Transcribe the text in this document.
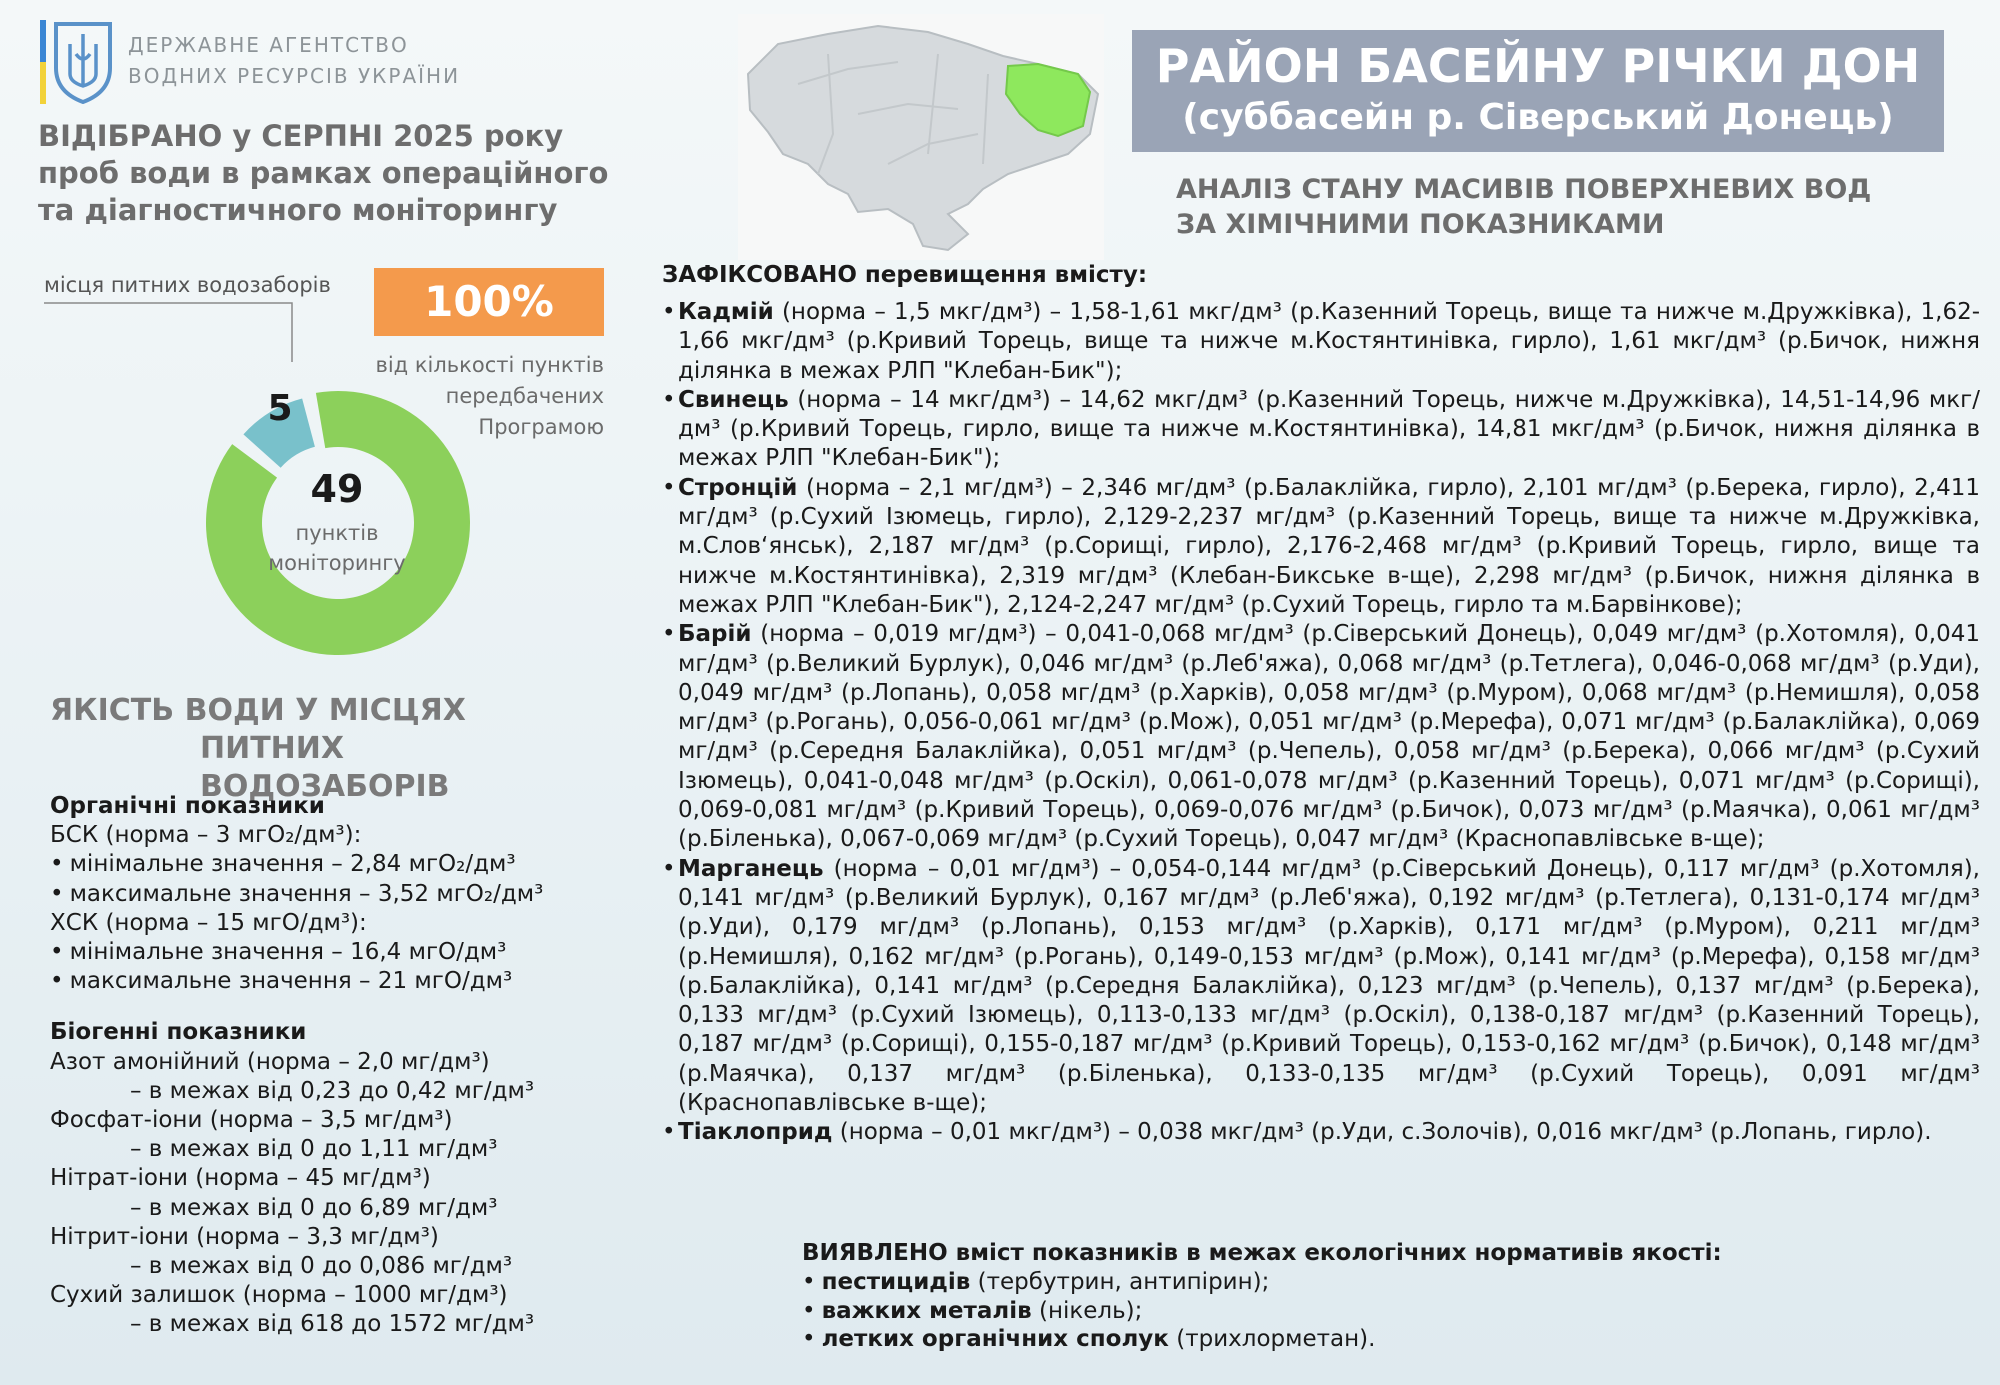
ДЕРЖАВНЕ АГЕНТСТВО
ВОДНИХ РЕСУРСІВ УКРАЇНИ
ВІДІБРАНО у СЕРПНІ 2025 року
проб води в рамках операційного
та діагностичного моніторингу
РАЙОН БАСЕЙНУ РІЧКИ ДОН
(суббасейн р. Сіверський Донець)
АНАЛІЗ СТАНУ МАСИВІВ ПОВЕРХНЕВИХ ВОД
ЗА ХІМІЧНИМИ ПОКАЗНИКАМИ
місця питних водозаборів	100%
від кількості пунктів
передбачених
Програмою
49
пунктів
моніторингу
5
ЯКІСТЬ ВОДИ У МІСЦЯХ
ПИТНИХ ВОДОЗАБОРІВ
Органічні показники
БСК (норма – 3 мгО₂/дм³):
• мінімальне значення – 2,84 мгО₂/дм³
• максимальне значення – 3,52 мгО₂/дм³
ХСК (норма – 15 мгО/дм³):
• мінімальне значення – 16,4 мгО/дм³
• максимальне значення – 21 мгО/дм³
Біогенні показники
Азот амонійний (норма – 2,0 мг/дм³)
– в межах від 0,23 до 0,42 мг/дм³
Фосфат-іони (норма – 3,5 мг/дм³)
– в межах від 0 до 1,11 мг/дм³
Нітрат-іони (норма – 45 мг/дм³)
– в межах від 0 до 6,89 мг/дм³
Нітрит-іони (норма – 3,3 мг/дм³)
– в межах від 0 до 0,086 мг/дм³
Сухий залишок (норма – 1000 мг/дм³)
– в межах від 618 до 1572 мг/дм³
ЗАФІКСОВАНО перевищення вмісту:
• Кадмій (норма – 1,5 мкг/дм³) – 1,58-1,61 мкг/дм³ (р.Казенний Торець, вище та нижче м.Дружківка), 1,62-1,66 мкг/дм³ (р.Кривий Торець, вище та нижче м.Костянтинівка, гирло), 1,61 мкг/дм³ (р.Бичок, нижня ділянка в межах РЛП "Клебан-Бик");
• Свинець (норма – 14 мкг/дм³) – 14,62 мкг/дм³ (р.Казенний Торець, нижче м.Дружківка), 14,51-14,96 мкг/дм³ (р.Кривий Торець, гирло, вище та нижче м.Костянтинівка), 14,81 мкг/дм³ (р.Бичок, нижня ділянка в межах РЛП "Клебан-Бик");
• Стронцій (норма – 2,1 мг/дм³) – 2,346 мг/дм³ (р.Балаклійка, гирло), 2,101 мг/дм³ (р.Берека, гирло), 2,411 мг/дм³ (р.Сухий Ізюмець, гирло), 2,129-2,237 мг/дм³ (р.Казенний Торець, вище та нижче м.Дружківка, м.Слов‘янськ), 2,187 мг/дм³ (р.Сорищі, гирло), 2,176-2,468 мг/дм³ (р.Кривий Торець, гирло, вище та нижче м.Костянтинівка), 2,319 мг/дм³ (Клебан-Бикське в-ще), 2,298 мг/дм³ (р.Бичок, нижня ділянка в межах РЛП "Клебан-Бик"), 2,124-2,247 мг/дм³ (р.Сухий Торець, гирло та м.Барвінкове);
• Барій (норма – 0,019 мг/дм³) – 0,041-0,068 мг/дм³ (р.Сіверський Донець), 0,049 мг/дм³ (р.Хотомля), 0,041 мг/дм³ (р.Великий Бурлук), 0,046 мг/дм³ (р.Леб'яжа), 0,068 мг/дм³ (р.Тетлега), 0,046-0,068 мг/дм³ (р.Уди), 0,049 мг/дм³ (р.Лопань), 0,058 мг/дм³ (р.Харків), 0,058 мг/дм³ (р.Муром), 0,068 мг/дм³ (р.Немишля), 0,058 мг/дм³ (р.Рогань), 0,056-0,061 мг/дм³ (р.Мож), 0,051 мг/дм³ (р.Мерефа), 0,071 мг/дм³ (р.Балаклійка), 0,069 мг/дм³ (р.Середня Балаклійка), 0,051 мг/дм³ (р.Чепель), 0,058 мг/дм³ (р.Берека), 0,066 мг/дм³ (р.Сухий Ізюмець), 0,041-0,048 мг/дм³ (р.Оскіл), 0,061-0,078 мг/дм³ (р.Казенний Торець), 0,071 мг/дм³ (р.Сорищі), 0,069-0,081 мг/дм³ (р.Кривий Торець), 0,069-0,076 мг/дм³ (р.Бичок), 0,073 мг/дм³ (р.Маячка), 0,061 мг/дм³ (р.Біленька), 0,067-0,069 мг/дм³ (р.Сухий Торець), 0,047 мг/дм³ (Краснопавлівське в-ще);
• Марганець (норма – 0,01 мг/дм³) – 0,054-0,144 мг/дм³ (р.Сіверський Донець), 0,117 мг/дм³ (р.Хотомля), 0,141 мг/дм³ (р.Великий Бурлук), 0,167 мг/дм³ (р.Леб'яжа), 0,192 мг/дм³ (р.Тетлега), 0,131-0,174 мг/дм³ (р.Уди), 0,179 мг/дм³ (р.Лопань), 0,153 мг/дм³ (р.Харків), 0,171 мг/дм³ (р.Муром), 0,211 мг/дм³ (р.Немишля), 0,162 мг/дм³ (р.Рогань), 0,149-0,153 мг/дм³ (р.Мож), 0,141 мг/дм³ (р.Мерефа), 0,158 мг/дм³ (р.Балаклійка), 0,141 мг/дм³ (р.Середня Балаклійка), 0,123 мг/дм³ (р.Чепель), 0,137 мг/дм³ (р.Берека), 0,133 мг/дм³ (р.Сухий Ізюмець), 0,113-0,133 мг/дм³ (р.Оскіл), 0,138-0,187 мг/дм³ (р.Казенний Торець), 0,187 мг/дм³ (р.Сорищі), 0,155-0,187 мг/дм³ (р.Кривий Торець), 0,153-0,162 мг/дм³ (р.Бичок), 0,148 мг/дм³ (р.Маячка), 0,137 мг/дм³ (р.Біленька), 0,133-0,135 мг/дм³ (р.Сухий Торець), 0,091 мг/дм³ (Краснопавлівське в-ще);
• Тіаклоприд (норма – 0,01 мкг/дм³) – 0,038 мкг/дм³ (р.Уди, с.Золочів), 0,016 мкг/дм³ (р.Лопань, гирло).
ВИЯВЛЕНО вміст показників в межах екологічних нормативів якості:
• пестицидів (тербутрин, антипірин);
• важких металів (нікель);
• летких органічних сполук (трихлорметан).
